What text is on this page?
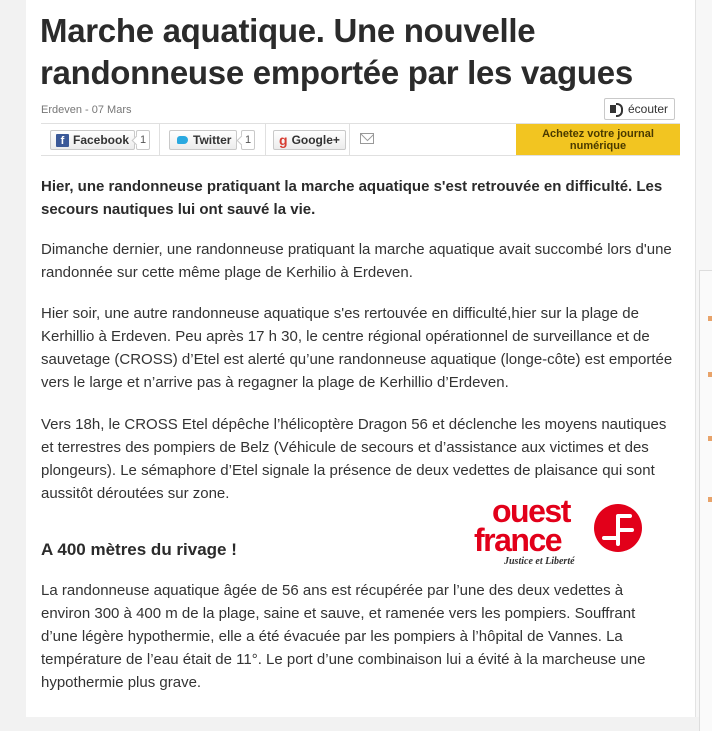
Marche aquatique. Une nouvelle randonneuse emportée par les vagues
Erdeven - 07 Mars	écouter
f Facebook 1	Twitter	1 g Google+	Achetez votre journal numérique

Hier, une randonneuse pratiquant la marche aquatique s'est retrouvée en difficulté. Les secours nautiques lui ont sauvé la vie.

Dimanche dernier, une randonneuse pratiquant la marche aquatique avait succombé lors d'une randonnée sur cette même plage de Kerhilio à Erdeven.

Hier soir, une autre randonneuse aquatique s'es rertouvée en difficulté,hier sur la plage de Kerhillio à Erdeven. Peu après 17 h 30, le centre régional opérationnel de surveillance et de sauvetage (CROSS) d’Etel est alerté qu’une randonneuse aquatique (longe-côte) est emportée vers le large et n’arrive pas à regagner la plage de Kerhillio d’Erdeven.

Vers 18h, le CROSS Etel dépêche l’hélicoptère Dragon 56 et déclenche les moyens nautiques et terrestres des pompiers de Belz (Véhicule de secours et d’assistance aux victimes et des plongeurs). Le sémaphore d’Etel signale la présence de deux vedettes de plaisance qui sont aussitôt déroutées sur zone.

A 400 mètres du rivage !

La randonneuse aquatique âgée de 56 ans est récupérée par l’une des deux vedettes à environ 300 à 400 m de la plage, saine et sauve, et ramenée vers les pompiers. Souffrant d’une légère hypothermie, elle a été évacuée par les pompiers à l’hôpital de Vannes. La température de l’eau était de 11°. Le port d’une combinaison lui a évité à la marcheuse une hypothermie plus grave.

ouest
france
Justice et Liberté
